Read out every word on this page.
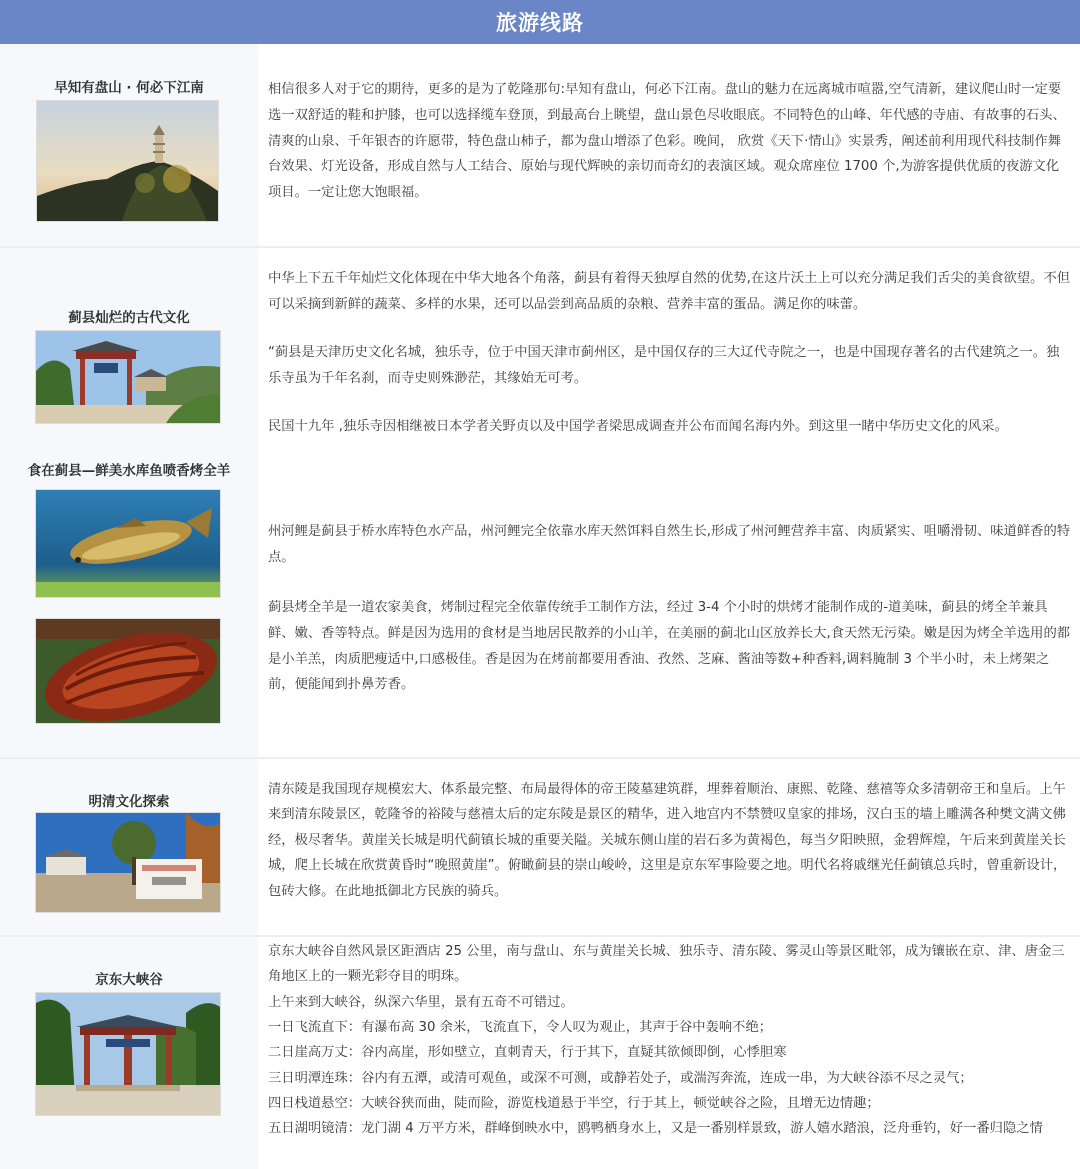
旅游线路
早知有盘山 · 何必下江南	相信很多人对于它的期待，更多的是为了乾隆那句:早知有盘山，何必下江南。盘山的魅力在远离城市喧嚣,空气清新，建议爬山时一定要选一双舒适的鞋和护膝，也可以选择缆车登顶，到最高台上眺望，盘山景色尽收眼底。不同特色的山峰、年代感的寺庙、有故事的石头、清爽的山泉、千年银杏的许愿带，特色盘山柿子，都为盘山增添了色彩。晚间， 欣赏《天下·情山》实景秀，阐述前利用现代科技制作舞台效果、灯光设备，形成自然与人工结合、原始与现代辉映的亲切而奇幻的表演区域。观众席座位 1700 个,为游客提供优质的夜游文化项目。一定让您大饱眼福。

蓟县灿烂的古代文化

中华上下五千年灿烂文化体现在中华大地各个角落，蓟县有着得天独厚自然的优势,在这片沃土上可以充分满足我们舌尖的美食欲望。不但可以采摘到新鲜的蔬菜、多样的水果，还可以品尝到高品质的杂粮、营养丰富的蛋品。满足你的味蕾。

“蓟县是天津历史文化名城，独乐寺，位于中国天津市蓟州区，是中国仅存的三大辽代寺院之一，也是中国现存著名的古代建筑之一。独乐寺虽为千年名刹，而寺史则殊渺茫，其缘始无可考。

民国十九年 ,独乐寺因相继被日本学者关野贞以及中国学者梁思成调查并公布而闻名海内外。到这里一睹中华历史文化的风采。

食在蓟县—鲜美水库鱼喷香烤全羊

州河鲤是蓟县于桥水库特色水产品，州河鲤完全依靠水库天然饵料自然生长,形成了州河鲤营养丰富、肉质紧实、咀嚼滑韧、味道鲜香的特点。

蓟县烤全羊是一道农家美食，烤制过程完全依靠传统手工制作方法，经过 3-4 个小时的烘烤才能制作成的-道美味，蓟县的烤全羊兼具鲜、嫩、香等特点。鲜是因为选用的食材是当地居民散养的小山羊，在美丽的蓟北山区放养长大,食天然无污染。嫩是因为烤全羊选用的都是小羊羔，肉质肥瘦适中,口感极佳。香是因为在烤前都要用香油、孜然、芝麻、酱油等数+种香料,调料腌制 3 个半小时，未上烤架之前，便能闻到扑鼻芳香。

明清文化探索

清东陵是我国现存规模宏大、体系最完整、布局最得体的帝王陵墓建筑群，埋葬着顺治、康熙、乾隆、慈禧等众多清朝帝王和皇后。上午来到清东陵景区，乾隆爷的裕陵与慈禧太后的定东陵是景区的精华，进入地宫内不禁赞叹皇家的排场，汉白玉的墙上雕满各种樊文满文佛经，极尽奢华。黄崖关长城是明代蓟镇长城的重要关隘。关城东侧山崖的岩石多为黄褐色，每当夕阳映照，金碧辉煌，午后来到黄崖关长城，爬上长城在欣赏黄昏时“晚照黄崖”。俯瞰蓟县的崇山峻岭，这里是京东军事险要之地。明代名将戚继光任蓟镇总兵时，曾重新设计，包砖大修。在此地抵御北方民族的骑兵。

京东大峡谷

京东大峡谷自然风景区距酒店 25 公里，南与盘山、东与黄崖关长城、独乐寺、清东陵、雾灵山等景区毗邻，成为镶嵌在京、津、唐金三角地区上的一颗光彩夺目的明珠。

上午来到大峡谷，纵深六华里，景有五奇不可错过。

一日飞流直下：有瀑布高 30 余米，飞流直下，令人叹为观止，其声于谷中轰响不绝；

二日崖高万丈：谷内高崖，形如壁立，直刺青天，行于其下，直疑其欲倾即倒，心悸胆寒

三日明潭连珠：谷内有五潭，或清可观鱼，或深不可测，或静若处子，或湍泻奔流，连成一串，为大峡谷添不尽之灵气；

四日栈道悬空：大峡谷狭而曲，陡而险，游览栈道悬于半空，行于其上，顿觉峡谷之险，且增无边情趣；

五日湖明镜清：龙门湖 4 万平方米，群峰倒映水中，鸥鸭栖身水上，又是一番别样景致，游人嬉水踏浪，泛舟垂钓，好一番归隐之情
